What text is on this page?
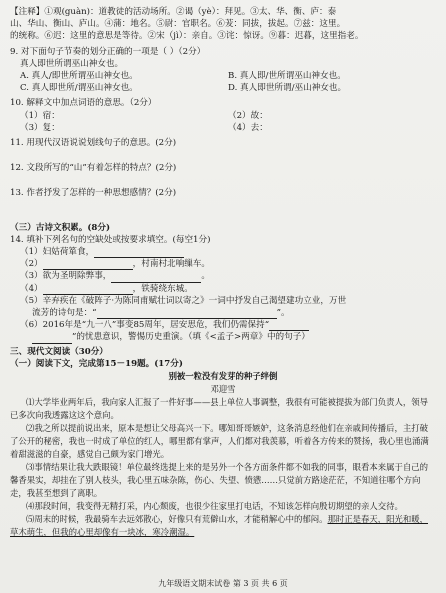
【注释】①观(guàn)：道教徒的活动场所。②谒（yè）：拜见。③太、华、衡、庐：泰
山、华山、衡山、庐山。④蒲：地名。⑤尉：官职名。⑥茇：同拔，拔起。⑦兹：这里。
的统称。⑥迟：这里的意思是等待。②宋（jì）：亲自。③诧：惊讶。⑨暮：迟暮，这里指老。
9. 对下面句子节奏的划分正确的一项是（ ）（2分）
真人即世所谓巫山神女也。
A. 真人/即世所谓巫山神女也。	B. 真人即/世所谓巫山神女也。
C. 真人即世所/谓巫山神女也。	D. 真人即世所谓/巫山神女也。
10. 解释文中加点词语的意思。（2分）
（1）宿：	（2）故：
（3）复：	（4）去：
11. 用现代汉语说说划线句子的意思。(2分)
12. 文段所写的“山”有着怎样的特点？(2分)
13. 作者抒发了怎样的一种思想感情？(2分)
（三）古诗文积累。(8分)
14. 填补下列名句的空缺处或按要求填空。(每空1分)
（1）妇姑荷箪食，
（2）	，村南村北响缫车。
（3）欲为圣明除弊事，	。
（4）	，铁骑绕东城。
（5）辛弃疾在《破阵子·为陈同甫赋壮词以寄之》一词中抒发自己渴望建功立业，万世
流芳的诗句是：“	”。
（6）2016年是“九一八”事变85周年，居安思危，我们仍需保持“
”的忧患意识，警惕历史重演。（填《<孟子>两章》中的句子）
三、现代文阅读（30分）
（一）阅读下文，完成第15－19题。(17分)
别被一粒没有发芽的种子绊倒
邓迎雪
⑴大学毕业两年后，我向家人汇报了一件好事——县上单位人事调整，我很有可能被提拔为部门负责人，领导已多次向我透露这这个意向。
⑵我之所以提前说出来，原本是想让父母高兴一下。哪知哥哥嫉妒，这条消息经他们在亲戚间传播后，主打破了公开的秘密，我也一时成了单位的红人，哪里都有掌声，人们都对我羡慕，听着各方传来的赞扬，我心里也涌满着甜滋滋的自豪，感觉自己颇为家门增光。
⑶事情结果让我大跌眼镜！单位最终选提上来的是另外一个各方面条件都不如我的同事，眼看本来属于自己的馨香果实，却挂在了别人枝头，我心里五味杂陈，伤心、失望、愤懑……只觉前方路途茫茫，不知道往哪个方向走，我甚至想到了离职。
⑷那段时间，我变得无精打采，内心颓废，也很少往家里打电话，不知该怎样向殷切期望的亲人交待。
⑸周末的时候，我最骑车去远郊散心，好像只有荒僻山水，才能稍解心中的郁闷。那时正是春天，阳光和暖，草木萌生，但我的心里却像有一块冰，寒冷潮湿。
九年级语文期末试卷 第 3 页 共 6 页
